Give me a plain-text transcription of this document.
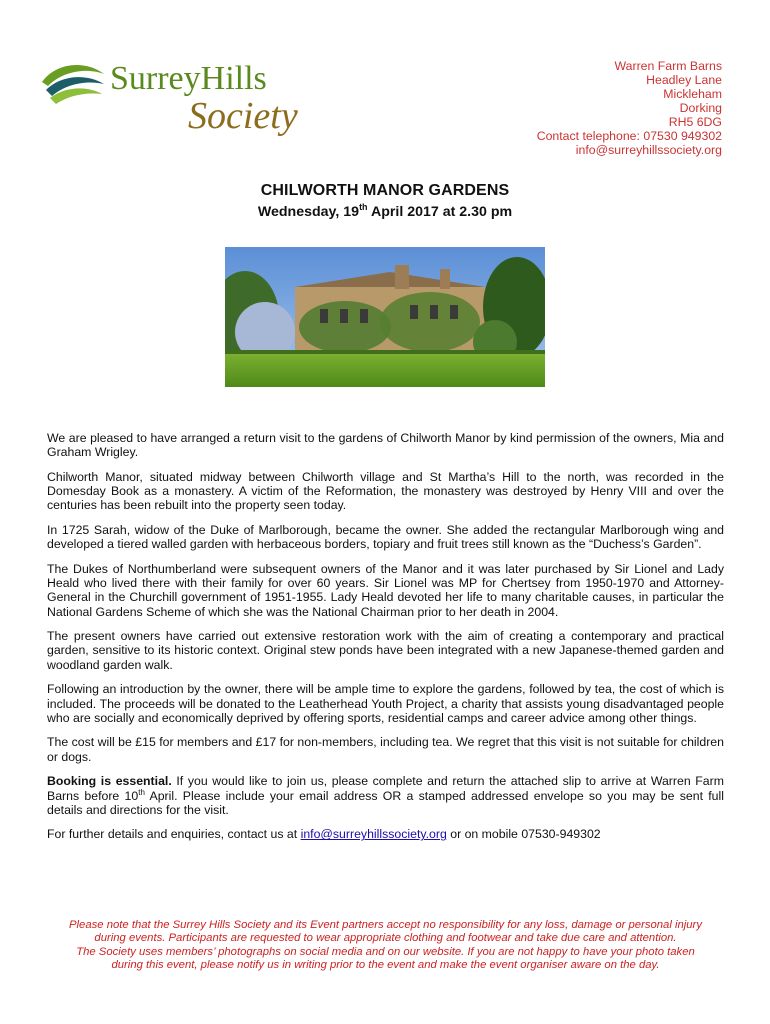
SurreyHills
Society
Warren Farm Barns
Headley Lane
Mickleham
Dorking
RH5 6DG
Contact telephone: 07530 949302
info@surreyhillssociety.org
CHILWORTH MANOR GARDENS
Wednesday, 19th April 2017 at 2.30 pm

We are pleased to have arranged a return visit to the gardens of Chilworth Manor by kind permission of the owners, Mia and Graham Wrigley.

Chilworth Manor, situated midway between Chilworth village and St Martha’s Hill to the north, was recorded in the Domesday Book as a monastery. A victim of the Reformation, the monastery was destroyed by Henry VIII and over the centuries has been rebuilt into the property seen today.

In 1725 Sarah, widow of the Duke of Marlborough, became the owner. She added the rectangular Marlborough wing and developed a tiered walled garden with herbaceous borders, topiary and fruit trees still known as the “Duchess’s Garden”.

The Dukes of Northumberland were subsequent owners of the Manor and it was later purchased by Sir Lionel and Lady Heald who lived there with their family for over 60 years. Sir Lionel was MP for Chertsey from 1950-1970 and Attorney-General in the Churchill government of 1951-1955. Lady Heald devoted her life to many charitable causes, in particular the National Gardens Scheme of which she was the National Chairman prior to her death in 2004.

The present owners have carried out extensive restoration work with the aim of creating a contemporary and practical garden, sensitive to its historic context. Original stew ponds have been integrated with a new Japanese-themed garden and woodland garden walk.

Following an introduction by the owner, there will be ample time to explore the gardens, followed by tea, the cost of which is included. The proceeds will be donated to the Leatherhead Youth Project, a charity that assists young disadvantaged people who are socially and economically deprived by offering sports, residential camps and career advice among other things.

The cost will be £15 for members and £17 for non-members, including tea. We regret that this visit is not suitable for children or dogs.

Booking is essential. If you would like to join us, please complete and return the attached slip to arrive at Warren Farm Barns before 10th April. Please include your email address OR a stamped addressed envelope so you may be sent full details and directions for the visit.

For further details and enquiries, contact us at info@surreyhillssociety.org or on mobile 07530-949302

Please note that the Surrey Hills Society and its Event partners accept no responsibility for any loss, damage or personal injury
during events. Participants are requested to wear appropriate clothing and footwear and take due care and attention.
The Society uses members’ photographs on social media and on our website. If you are not happy to have your photo taken
during this event, please notify us in writing prior to the event and make the event organiser aware on the day.
